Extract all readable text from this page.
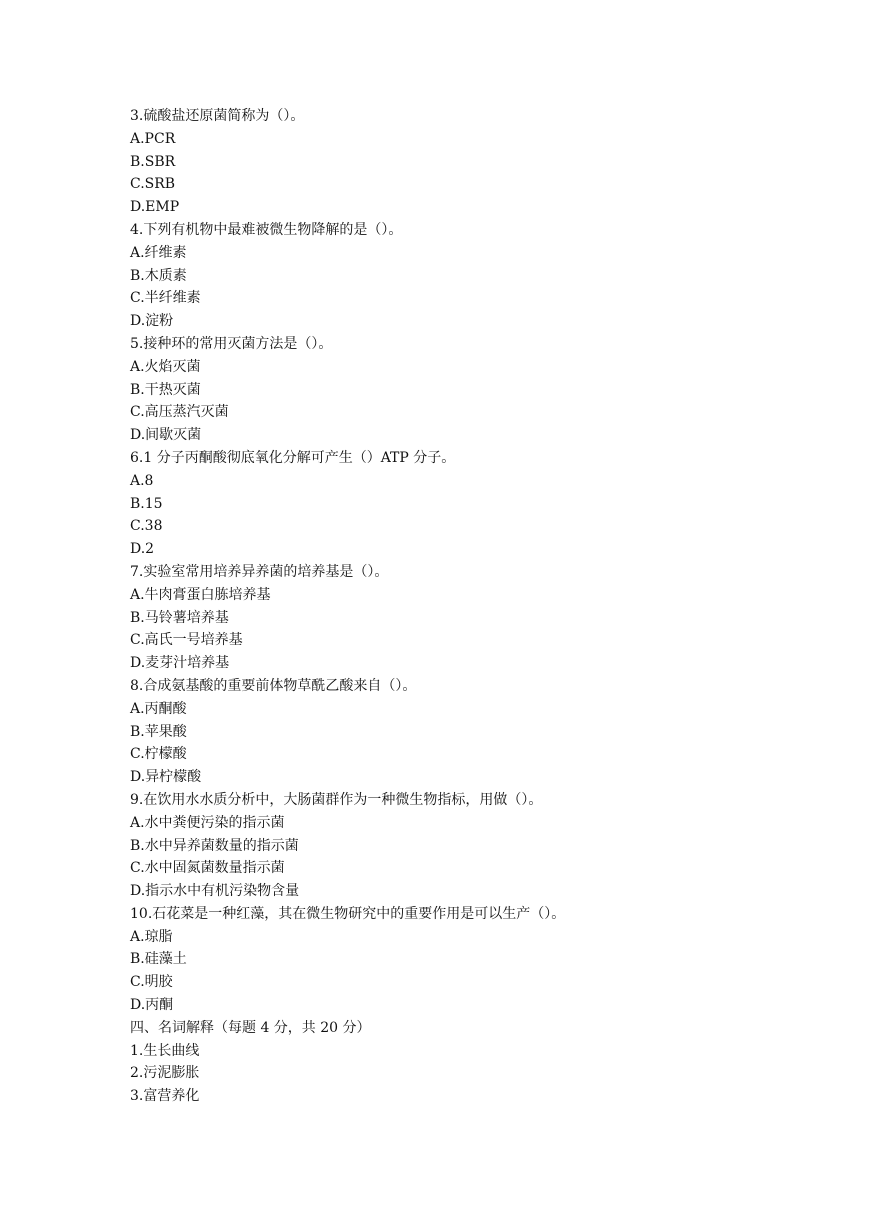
3.硫酸盐还原菌简称为（）。
A.PCR
B.SBR
C.SRB
D.EMP
4.下列有机物中最难被微生物降解的是（）。
A.纤维素
B.木质素
C.半纤维素
D.淀粉
5.接种环的常用灭菌方法是（）。
A.火焰灭菌
B.干热灭菌
C.高压蒸汽灭菌
D.间歇灭菌
6.1 分子丙酮酸彻底氧化分解可产生（）ATP 分子。
A.8
B.15
C.38
D.2
7.实验室常用培养异养菌的培养基是（）。
A.牛肉膏蛋白胨培养基
B.马铃薯培养基
C.高氏一号培养基
D.麦芽汁培养基
8.合成氨基酸的重要前体物草酰乙酸来自（）。
A.丙酮酸
B.苹果酸
C.柠檬酸
D.异柠檬酸
9.在饮用水水质分析中，大肠菌群作为一种微生物指标，用做（）。
A.水中粪便污染的指示菌
B.水中异养菌数量的指示菌
C.水中固氮菌数量指示菌
D.指示水中有机污染物含量
10.石花菜是一种红藻，其在微生物研究中的重要作用是可以生产（）。
A.琼脂
B.硅藻土
C.明胶
D.丙酮
四、名词解释（每题 4 分，共 20 分）
1.生长曲线
2.污泥膨胀
3.富营养化
